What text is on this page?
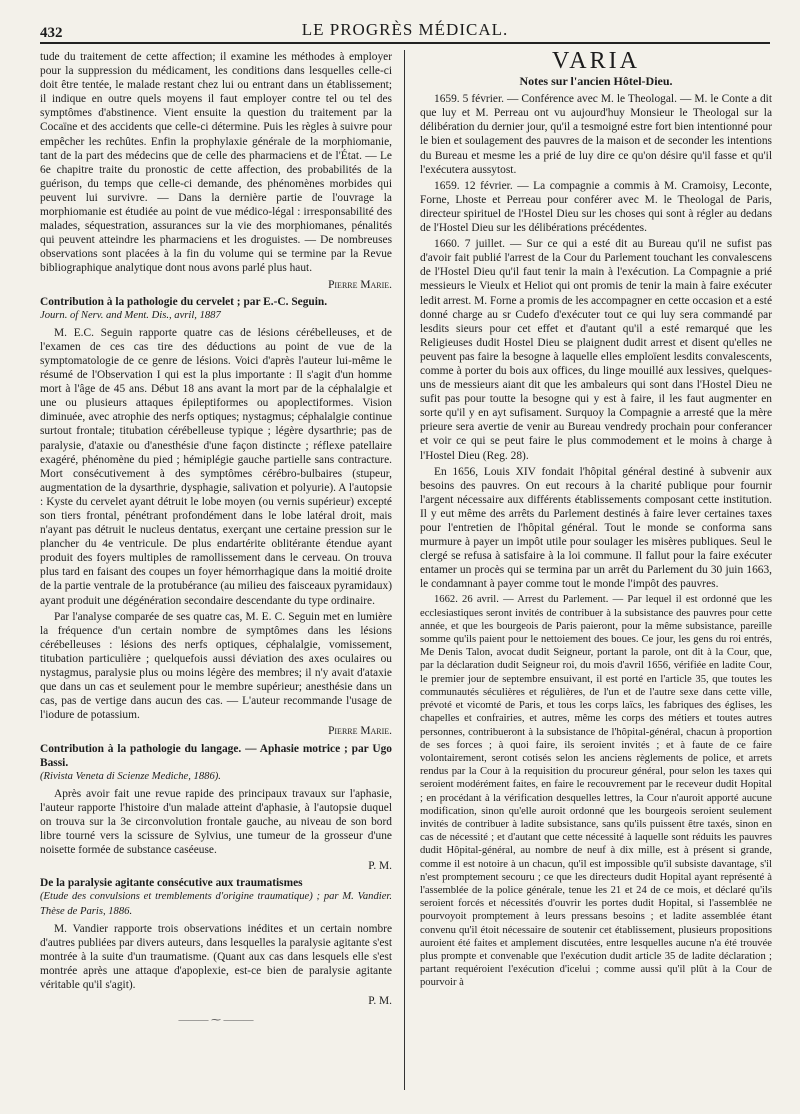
432	LE PROGRÈS MÉDICAL.

tude du traitement de cette affection; il examine les méthodes à employer pour la suppression du médicament, les conditions dans lesquelles celle-ci doit être tentée, le malade restant chez lui ou entrant dans un établissement; il indique en outre quels moyens il faut employer contre tel ou tel des symptômes d'abstinence. Vient ensuite la question du traitement par la Cocaïne et des accidents que celle-ci détermine. Puis les règles à suivre pour empêcher les rechûtes. Enfin la prophylaxie générale de la morphiomanie, tant de la part des médecins que de celle des pharmaciens et de l'État. — Le 6e chapitre traite du pronostic de cette affection, des probabilités de la guérison, du temps que celle-ci demande, des phénomènes morbides qui peuvent lui survivre. — Dans la dernière partie de l'ouvrage la morphiomanie est étudiée au point de vue médico-légal : irresponsabilité des malades, séquestration, assurances sur la vie des morphiomanes, pénalités qui peuvent atteindre les pharmaciens et les droguistes. — De nombreuses observations sont placées à la fin du volume qui se termine par la Revue bibliographique analytique dont nous avons parlé plus haut.

Pierre Marie.

Contribution à la pathologie du cervelet ; par E.-C. Seguin.

Journ. of Nerv. and Ment. Dis., avril, 1887

M. E.C. Seguin rapporte quatre cas de lésions cérébelleuses, et de l'examen de ces cas tire des déductions au point de vue de la symptomatologie de ce genre de lésions. Voici d'après l'auteur lui-même le résumé de l'Observation I qui est la plus importante : Il s'agit d'un homme mort à l'âge de 45 ans. Début 18 ans avant la mort par de la céphalalgie et une ou plusieurs attaques épileptiformes ou apoplectiformes. Vision diminuée, avec atrophie des nerfs optiques; nystagmus; céphalalgie continue surtout frontale; titubation cérébelleuse typique ; légère dysarthrie; pas de paralysie, d'ataxie ou d'anesthésie d'une façon distincte ; réflexe patellaire exagéré, phénomène du pied ; hémiplégie gauche partielle sans contracture. Mort consécutivement à des symptômes cérébro-bulbaires (stupeur, augmentation de la dysarthrie, dysphagie, salivation et polyurie). A l'autopsie : Kyste du cervelet ayant détruit le lobe moyen (ou vernis supérieur) excepté son tiers frontal, pénétrant profondément dans le lobe latéral droit, mais n'ayant pas détruit le nucleus dentatus, exerçant une certaine pression sur le plancher du 4e ventricule. De plus endartérite oblitérante étendue ayant produit des foyers multiples de ramollissement dans le cerveau. On trouva plus tard en faisant des coupes un foyer hémorrhagique dans la moitié droite de la partie ventrale de la protubérance (au milieu des faisceaux pyramidaux) ayant produit une dégénération secondaire descendante du type ordinaire.

Par l'analyse comparée de ses quatre cas, M. E. C. Seguin met en lumière la fréquence d'un certain nombre de symptômes dans les lésions cérébelleuses : lésions des nerfs optiques, céphalalgie, vomissement, titubation particulière ; quelquefois aussi déviation des axes oculaires ou nystagmus, paralysie plus ou moins légère des membres; il n'y avait d'ataxie que dans un cas et seulement pour le membre supérieur; anesthésie dans un cas, pas de vertige dans aucun des cas. — L'auteur recommande l'usage de l'iodure de potassium.

Pierre Marie.

Contribution à la pathologie du langage. — Aphasie motrice ; par Ugo Bassi.

(Rivista Veneta di Scienze Mediche, 1886).

Après avoir fait une revue rapide des principaux travaux sur l'aphasie, l'auteur rapporte l'histoire d'un malade atteint d'aphasie, à l'autopsie duquel on trouva sur la 3e circonvolution frontale gauche, au niveau de son bord libre tourné vers la scissure de Sylvius, une tumeur de la grosseur d'une noisette formée de substance caséeuse.

P. M.

De la paralysie agitante consécutive aux traumatismes

(Etude des convulsions et tremblements d'origine traumatique) ; par M. Vandier. Thèse de Paris, 1886.

M. Vandier rapporte trois observations inédites et un certain nombre d'autres publiées par divers auteurs, dans lesquelles la paralysie agitante s'est montrée à la suite d'un traumatisme. (Quant aux cas dans lesquels elle s'est montrée après une attaque d'apoplexie, est-ce bien de paralysie agitante véritable qu'il s'agit).

P. M.
——— ⁓ ———
VARIA
Notes sur l'ancien Hôtel-Dieu.

1659. 5 février. — Conférence avec M. le Theologal. — M. le Conte a dit que luy et M. Perreau ont vu aujourd'huy Monsieur le Theologal sur la délibération du dernier jour, qu'il a tesmoigné estre fort bien intentionné pour le bien et soulagement des pauvres de la maison et de seconder les intentions du Bureau et mesme les a prié de luy dire ce qu'on désire qu'il fasse et qu'il l'exécutera aussytost.

1659. 12 février. — La compagnie a commis à M. Cramoisy, Leconte, Forne, Lhoste et Perreau pour conférer avec M. le Theologal de Paris, directeur spirituel de l'Hostel Dieu sur les choses qui sont à régler au dedans de l'Hostel Dieu sur les délibérations précédentes.

1660. 7 juillet. — Sur ce qui a esté dit au Bureau qu'il ne sufist pas d'avoir fait publié l'arrest de la Cour du Parlement touchant les convalescens de l'Hostel Dieu qu'il faut tenir la main à l'exécution. La Compagnie a prié messieurs le Vieulx et Heliot qui ont promis de tenir la main à faire exécuter ledit arrest. M. Forne a promis de les accompagner en cette occasion et a esté donné charge au sr Cudefo d'exécuter tout ce qui luy sera commandé par lesdits sieurs pour cet effet et d'autant qu'il a esté remarqué que les Religieuses dudit Hostel Dieu se plaignent dudit arrest et disent qu'elles ne peuvent pas faire la besogne à laquelle elles emploïent lesdits convalescents, comme à porter du bois aux offices, du linge mouillé aux lessives, quelques-uns de messieurs aiant dit que les ambaleurs qui sont dans l'Hostel Dieu ne sufit pas pour toutte la besogne qui y est à faire, il les faut augmenter en sorte qu'il y en ayt sufisament. Surquoy la Compagnie a arresté que la mère prieure sera avertie de venir au Bureau vendredy prochain pour conferancer et voir ce qui se peut faire le plus commodement et le moins à charge à l'Hostel Dieu (Reg. 28).

En 1656, Louis XIV fondait l'hôpital général destiné à subvenir aux besoins des pauvres. On eut recours à la charité publique pour fournir l'argent nécessaire aux différents établissements composant cette institution. Il y eut même des arrêts du Parlement destinés à faire lever certaines taxes pour l'entretien de l'hôpital général. Tout le monde se conforma sans murmure à payer un impôt utile pour soulager les misères publiques. Seul le clergé se refusa à satisfaire à la loi commune. Il fallut pour la faire exécuter entamer un procès qui se termina par un arrêt du Parlement du 30 juin 1663, le condamnant à payer comme tout le monde l'impôt des pauvres.

1662. 26 avril. — Arrest du Parlement. — Par lequel il est ordonné que les ecclesiastiques seront invités de contribuer à la subsistance des pauvres pour cette année, et que les bourgeois de Paris paieront, pour la même subsistance, pareille somme qu'ils paient pour le nettoiement des boues. Ce jour, les gens du roi entrés, Me Denis Talon, avocat dudit Seigneur, portant la parole, ont dit à la Cour, que, par la déclaration dudit Seigneur roi, du mois d'avril 1656, vérifiée en ladite Cour, le premier jour de septembre ensuivant, il est porté en l'article 35, que toutes les communautés séculières et régulières, de l'un et de l'autre sexe dans cette ville, prévoté et vicomté de Paris, et tous les corps laïcs, les fabriques des églises, les chapelles et confrairies, et autres, même les corps des métiers et toutes autres personnes, contribueront à la subsistance de l'hôpital-général, chacun à proportion de ses forces ; à quoi faire, ils seroient invités ; et à faute de ce faire volontairement, seront cotisés selon les anciens règlements de police, et arrets rendus par la Cour à la requisition du procureur général, pour selon les taxes qui seroient modérément faites, en faire le recouvrement par le receveur dudit Hopital ; en procédant à la vérification desquelles lettres, la Cour n'auroit apporté aucune modification, sinon qu'elle auroit ordonné que les bourgeois seroient seulement invités de contribuer à ladite subsistance, sans qu'ils puissent être taxés, sinon en cas de nécessité ; et d'autant que cette nécessité à laquelle sont réduits les pauvres dudit Hôpital-général, au nombre de neuf à dix mille, est à présent si grande, comme il est notoire à un chacun, qu'il est impossible qu'il subsiste davantage, s'il n'est promptement secouru ; ce que les directeurs dudit Hopital ayant représenté à l'assemblée de la police générale, tenue les 21 et 24 de ce mois, et déclaré qu'ils seroient forcés et nécessités d'ouvrir les portes dudit Hopital, si l'assemblée ne pourvoyoit promptement à leurs pressans besoins ; et ladite assemblée étant convenu qu'il étoit nécessaire de soutenir cet établissement, plusieurs propositions auroient été faites et amplement discutées, entre lesquelles aucune n'a été trouvée plus prompte et convenable que l'exécution dudit article 35 de ladite déclaration ; partant requéroient l'exécution d'icelui ; comme aussi qu'il plût à la Cour de pourvoir à
